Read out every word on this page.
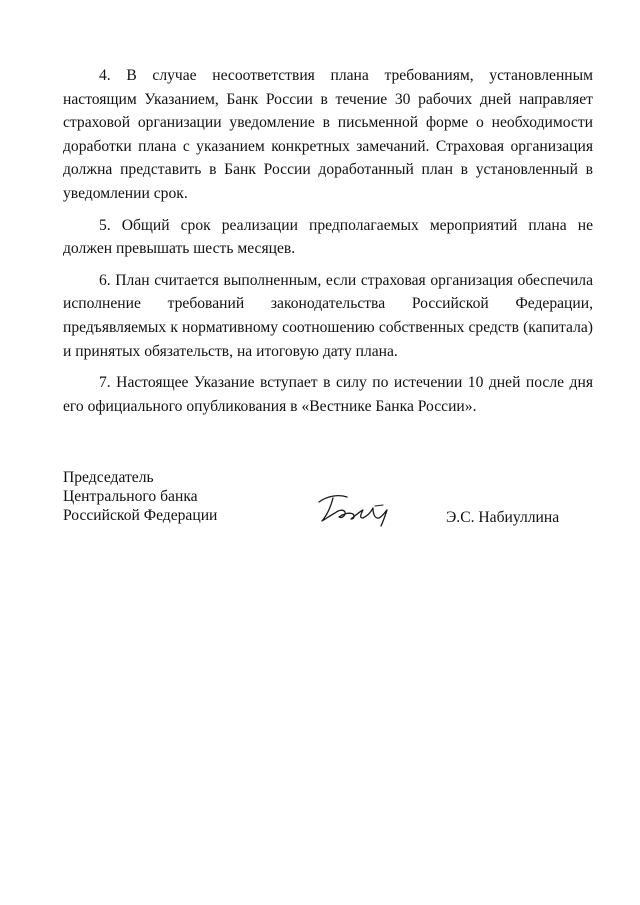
4. В случае несоответствия плана требованиям, установленным настоящим Указанием, Банк России в течение 30 рабочих дней направляет страховой организации уведомление в письменной форме о необходимости доработки плана с указанием конкретных замечаний. Страховая организация должна представить в Банк России доработанный план в установленный в уведомлении срок.

5. Общий срок реализации предполагаемых мероприятий плана не должен превышать шесть месяцев.

6. План считается выполненным, если страховая организация обеспечила исполнение требований законодательства Российской Федерации, предъявляемых к нормативному соотношению собственных средств (капитала) и принятых обязательств, на итоговую дату плана.

7. Настоящее Указание вступает в силу по истечении 10 дней после дня его официального опубликования в «Вестнике Банка России».

Председатель
Центрального банка
Российской Федерации	Э.С. Набиуллина
